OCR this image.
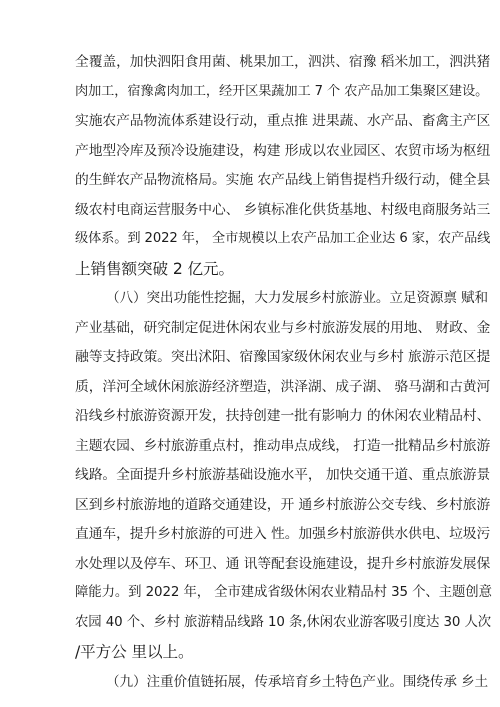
全覆盖，加快泗阳食用菌、桃果加工，泗洪、宿豫 稻米加工，泗洪猪
肉加工，宿豫禽肉加工，经开区果蔬加工 7 个 农产品加工集聚区建设。
实施农产品物流体系建设行动，重点推 进果蔬、水产品、畜禽主产区
产地型冷库及预冷设施建设，构建 形成以农业园区、农贸市场为枢纽
的生鲜农产品物流格局。实施 农产品线上销售提档升级行动，健全县
级农村电商运营服务中心、 乡镇标准化供货基地、村级电商服务站三
级体系。到 2022 年， 全市规模以上农产品加工企业达 6 家，农产品线
上销售额突破 2 亿元。
（八）突出功能性挖掘，大力发展乡村旅游业。立足资源禀 赋和
产业基础，研究制定促进休闲农业与乡村旅游发展的用地、 财政、金
融等支持政策。突出沭阳、宿豫国家级休闲农业与乡村 旅游示范区提
质，洋河全域休闲旅游经济塑造，洪泽湖、成子湖、 骆马湖和古黄河
沿线乡村旅游资源开发，扶持创建一批有影响力 的休闲农业精品村、
主题农园、乡村旅游重点村，推动串点成线， 打造一批精品乡村旅游
线路。全面提升乡村旅游基础设施水平， 加快交通干道、重点旅游景
区到乡村旅游地的道路交通建设，开 通乡村旅游公交专线、乡村旅游
直通车，提升乡村旅游的可进入 性。加强乡村旅游供水供电、垃圾污
水处理以及停车、环卫、通 讯等配套设施建设，提升乡村旅游发展保
障能力。到 2022 年， 全市建成省级休闲农业精品村 35 个、主题创意
农园 40 个、乡村 旅游精品线路 10 条,休闲农业游客吸引度达 30 人次
/平方公 里以上。
（九）注重价值链拓展，传承培育乡土特色产业。围绕传承 乡土
